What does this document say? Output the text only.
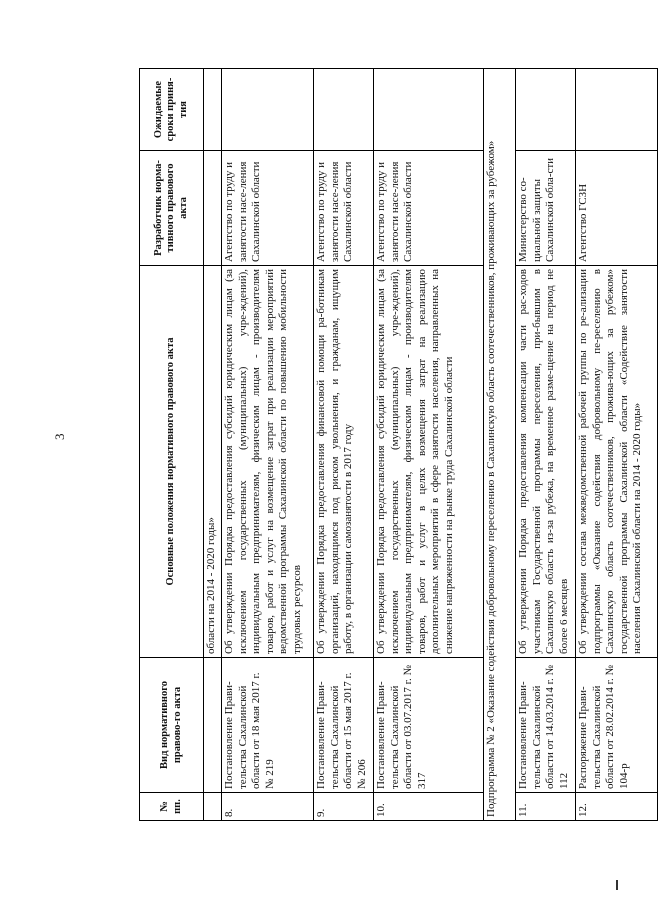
3
№ пп.	Вид нормативного правово-го акта	Основные положения нормативного правового акта	Разработчик норма-тивного правового акта	Ожидаемые сроки приня-тия
		области на 2014 - 2020 годы»		
8.	Постановление Прави-тельства Сахалинской области от 18 мая 2017 г. № 219	Об утверждении Порядка предоставления субсидий юридическим лицам (за исключением государственных (муниципальных) учре-ждений), индивидуальным предпринимателям, физическим лицам - производителям товаров, работ и услуг на возмещение затрат при реализации мероприятий ведомственной программы Сахалинской области по повышению мобильности трудовых ресурсов	Агентство по труду и занятости насе-ления Сахалинской области	
9.	Постановление Прави-тельства Сахалинской области от 15 мая 2017 г. № 206	Об утверждении Порядка предоставления финансовой помощи ра-ботникам организаций, находящимся под риском увольнения, и гражданам, ищущим работу, в организации самозанятости в 2017 году	Агентство по труду и занятости насе-ления Сахалинской области	
10.	Постановление Прави-тельства Сахалинской области от 03.07.2017 г. № 317	Об утверждении Порядка предоставления субсидий юридическим лицам (за исключением государственных (муниципальных) учре-ждений), индивидуальным предпринимателям, физическим лицам - производителям товаров, работ и услуг в целях возмещения затрат на реализацию дополнительных мероприятий в сфере занятости населения, направленных на снижение напряженности на рынке труда Сахалинской области	Агентство по труду и занятости насе-ления Сахалинской области	
Подпрограмма № 2 «Оказание содействия добровольному переселению в Сахалинскую область соотечественников, проживающих за рубежом»				
11.	Постановление Прави-тельства Сахалинской области от 14.03.2014 г. № 112	Об утверждении Порядка предоставления компенсации части рас-ходов участникам Государственной программы переселения, при-бывшим в Сахалинскую область из-за рубежа, на временное разме-щение на период не более 6 месяцев	Министерство со-циальной защиты Сахалинской обла-сти	
12.	Распоряжение Прави-тельства Сахалинской области от 28.02.2014 г. № 104-р	Об утверждении состава межведомственной рабочей группы по ре-ализации подпрограммы «Оказание содействия добровольному пе-реселению в Сахалинскую область соотечественников, прожива-ющих за рубежом» государственной программы Сахалинской области «Содействие занятости населения Сахалинской области на 2014 - 2020 годы»	Агентство ГСЗН	
